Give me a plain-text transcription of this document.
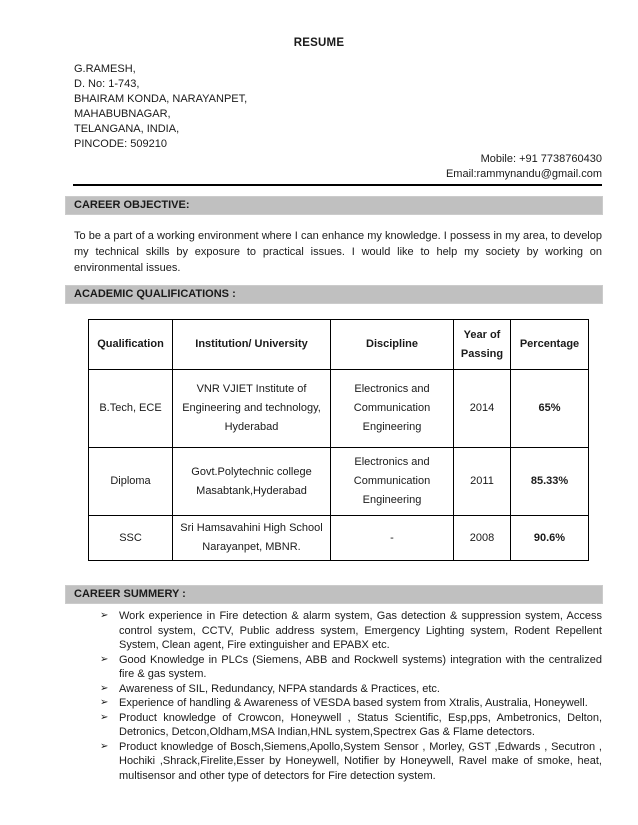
RESUME
G.RAMESH,
D. No: 1-743,
BHAIRAM KONDA, NARAYANPET,
MAHABUBNAGAR,
TELANGANA, INDIA,
PINCODE: 509210
Mobile: +91 7738760430
Email:rammynandu@gmail.com
CAREER OBJECTIVE:

To be a part of a working environment where I can enhance my knowledge. I possess in my area, to develop my technical skills by exposure to practical issues. I would like to help my society by working on environmental issues.

ACADEMIC QUALIFICATIONS :
Qualification	Institution/ University	Discipline	Year of Passing	Percentage
B.Tech, ECE	VNR VJIET Institute of Engineering and technology, Hyderabad	Electronics and Communication Engineering	2014	65%
Diploma	Govt.Polytechnic college Masabtank,Hyderabad	Electronics and Communication Engineering	2011	85.33%
SSC	Sri Hamsavahini High School Narayanpet, MBNR.	-	2008	90.6%
CAREER SUMMERY :
➢ Work experience in Fire detection & alarm system, Gas detection & suppression system, Access control system, CCTV, Public address system, Emergency Lighting system, Rodent Repellent System, Clean agent, Fire extinguisher and EPABX etc.
➢ Good Knowledge in PLCs (Siemens, ABB and Rockwell systems) integration with the centralized fire & gas system.
➢ Awareness of SIL, Redundancy, NFPA standards & Practices, etc.
➢ Experience of handling & Awareness of VESDA based system from Xtralis, Australia, Honeywell.
➢ Product knowledge of Crowcon, Honeywell , Status Scientific, Esp,pps, Ambetronics, Delton, Detronics, Detcon,Oldham,MSA Indian,HNL system,Spectrex Gas & Flame detectors.
➢ Product knowledge of Bosch,Siemens,Apollo,System Sensor , Morley, GST ,Edwards , Secutron , Hochiki ,Shrack,Firelite,Esser by Honeywell, Notifier by Honeywell, Ravel make of smoke, heat, multisensor and other type of detectors for Fire detection system.
